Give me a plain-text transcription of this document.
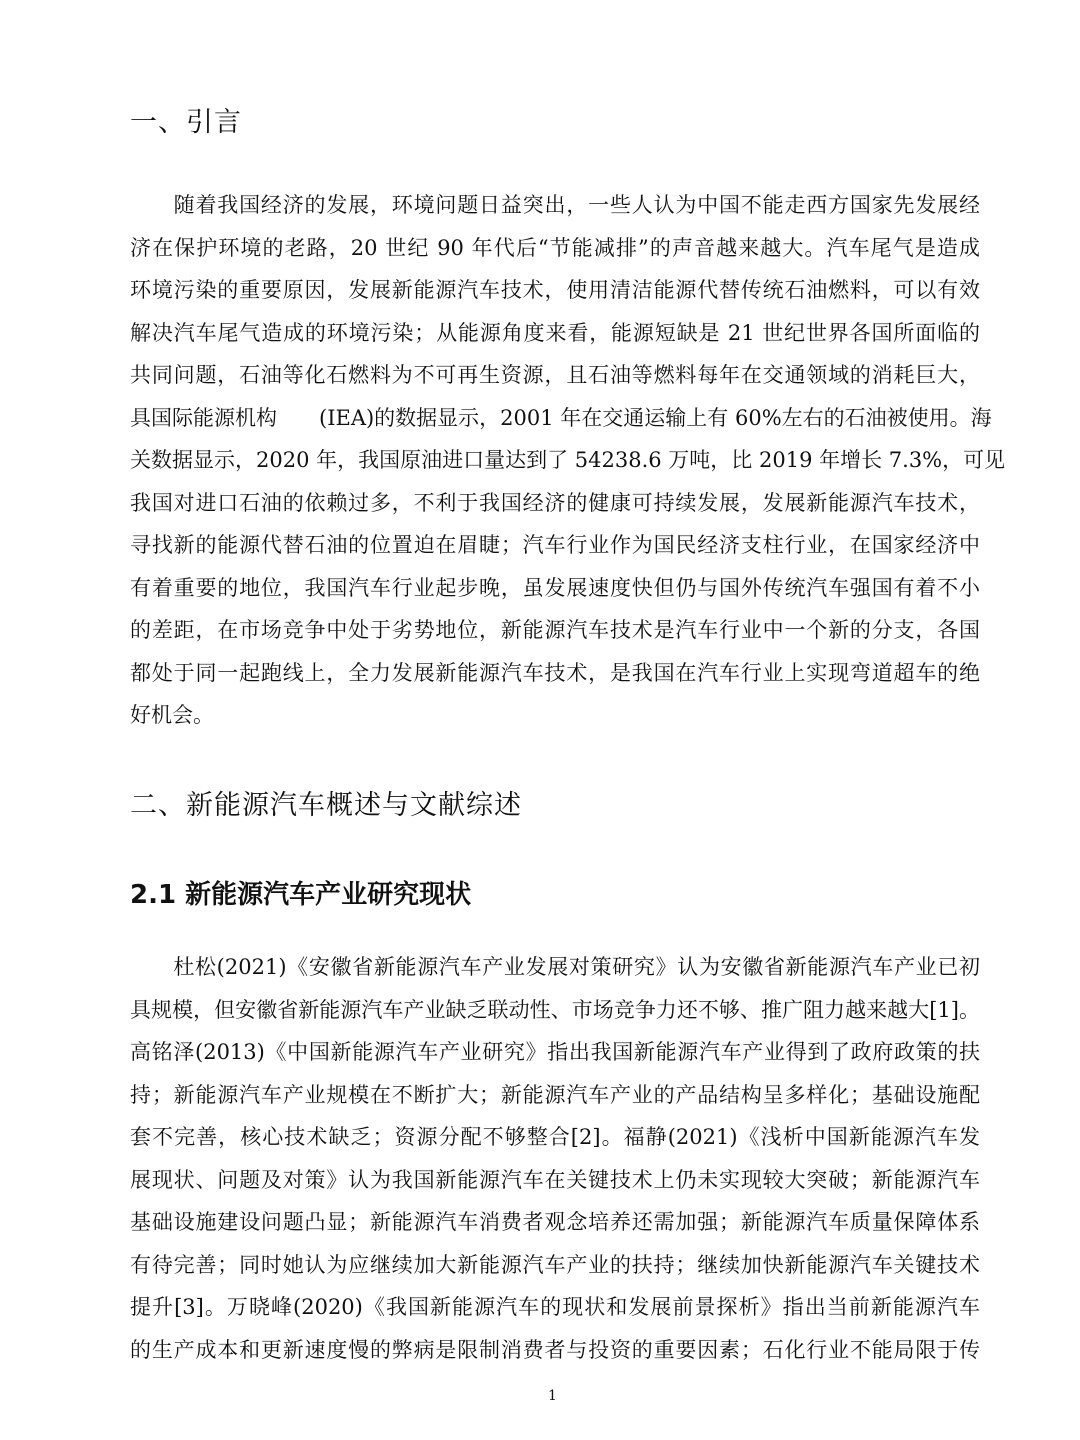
一、引言
　　随着我国经济的发展，环境问题日益突出，一些人认为中国不能走西方国家先发展经
济在保护环境的老路，20 世纪 90 年代后“节能减排”的声音越来越大。汽车尾气是造成
环境污染的重要原因，发展新能源汽车技术，使用清洁能源代替传统石油燃料，可以有效
解决汽车尾气造成的环境污染；从能源角度来看，能源短缺是 21 世纪世界各国所面临的
共同问题，石油等化石燃料为不可再生资源，且石油等燃料每年在交通领域的消耗巨大，
具国际能源机构　　(IEA)的数据显示，2001 年在交通运输上有 60%左右的石油被使用。海
关数据显示，2020 年，我国原油进口量达到了 54238.6 万吨，比 2019 年增长 7.3%，可见
我国对进口石油的依赖过多，不利于我国经济的健康可持续发展，发展新能源汽车技术，
寻找新的能源代替石油的位置迫在眉睫；汽车行业作为国民经济支柱行业，在国家经济中
有着重要的地位，我国汽车行业起步晚，虽发展速度快但仍与国外传统汽车强国有着不小
的差距，在市场竞争中处于劣势地位，新能源汽车技术是汽车行业中一个新的分支，各国
都处于同一起跑线上，全力发展新能源汽车技术，是我国在汽车行业上实现弯道超车的绝
好机会。
二、新能源汽车概述与文献综述
2.1 新能源汽车产业研究现状
　　杜松(2021)《安徽省新能源汽车产业发展对策研究》认为安徽省新能源汽车产业已初
具规模，但安徽省新能源汽车产业缺乏联动性、市场竞争力还不够、推广阻力越来越大[1]。
高铭泽(2013)《中国新能源汽车产业研究》指出我国新能源汽车产业得到了政府政策的扶
持；新能源汽车产业规模在不断扩大；新能源汽车产业的产品结构呈多样化；基础设施配
套不完善，核心技术缺乏；资源分配不够整合[2]。福静(2021)《浅析中国新能源汽车发
展现状、问题及对策》认为我国新能源汽车在关键技术上仍未实现较大突破；新能源汽车
基础设施建设问题凸显；新能源汽车消费者观念培养还需加强；新能源汽车质量保障体系
有待完善；同时她认为应继续加大新能源汽车产业的扶持；继续加快新能源汽车关键技术
提升[3]。万晓峰(2020)《我国新能源汽车的现状和发展前景探析》指出当前新能源汽车
的生产成本和更新速度慢的弊病是限制消费者与投资的重要因素；石化行业不能局限于传
1
